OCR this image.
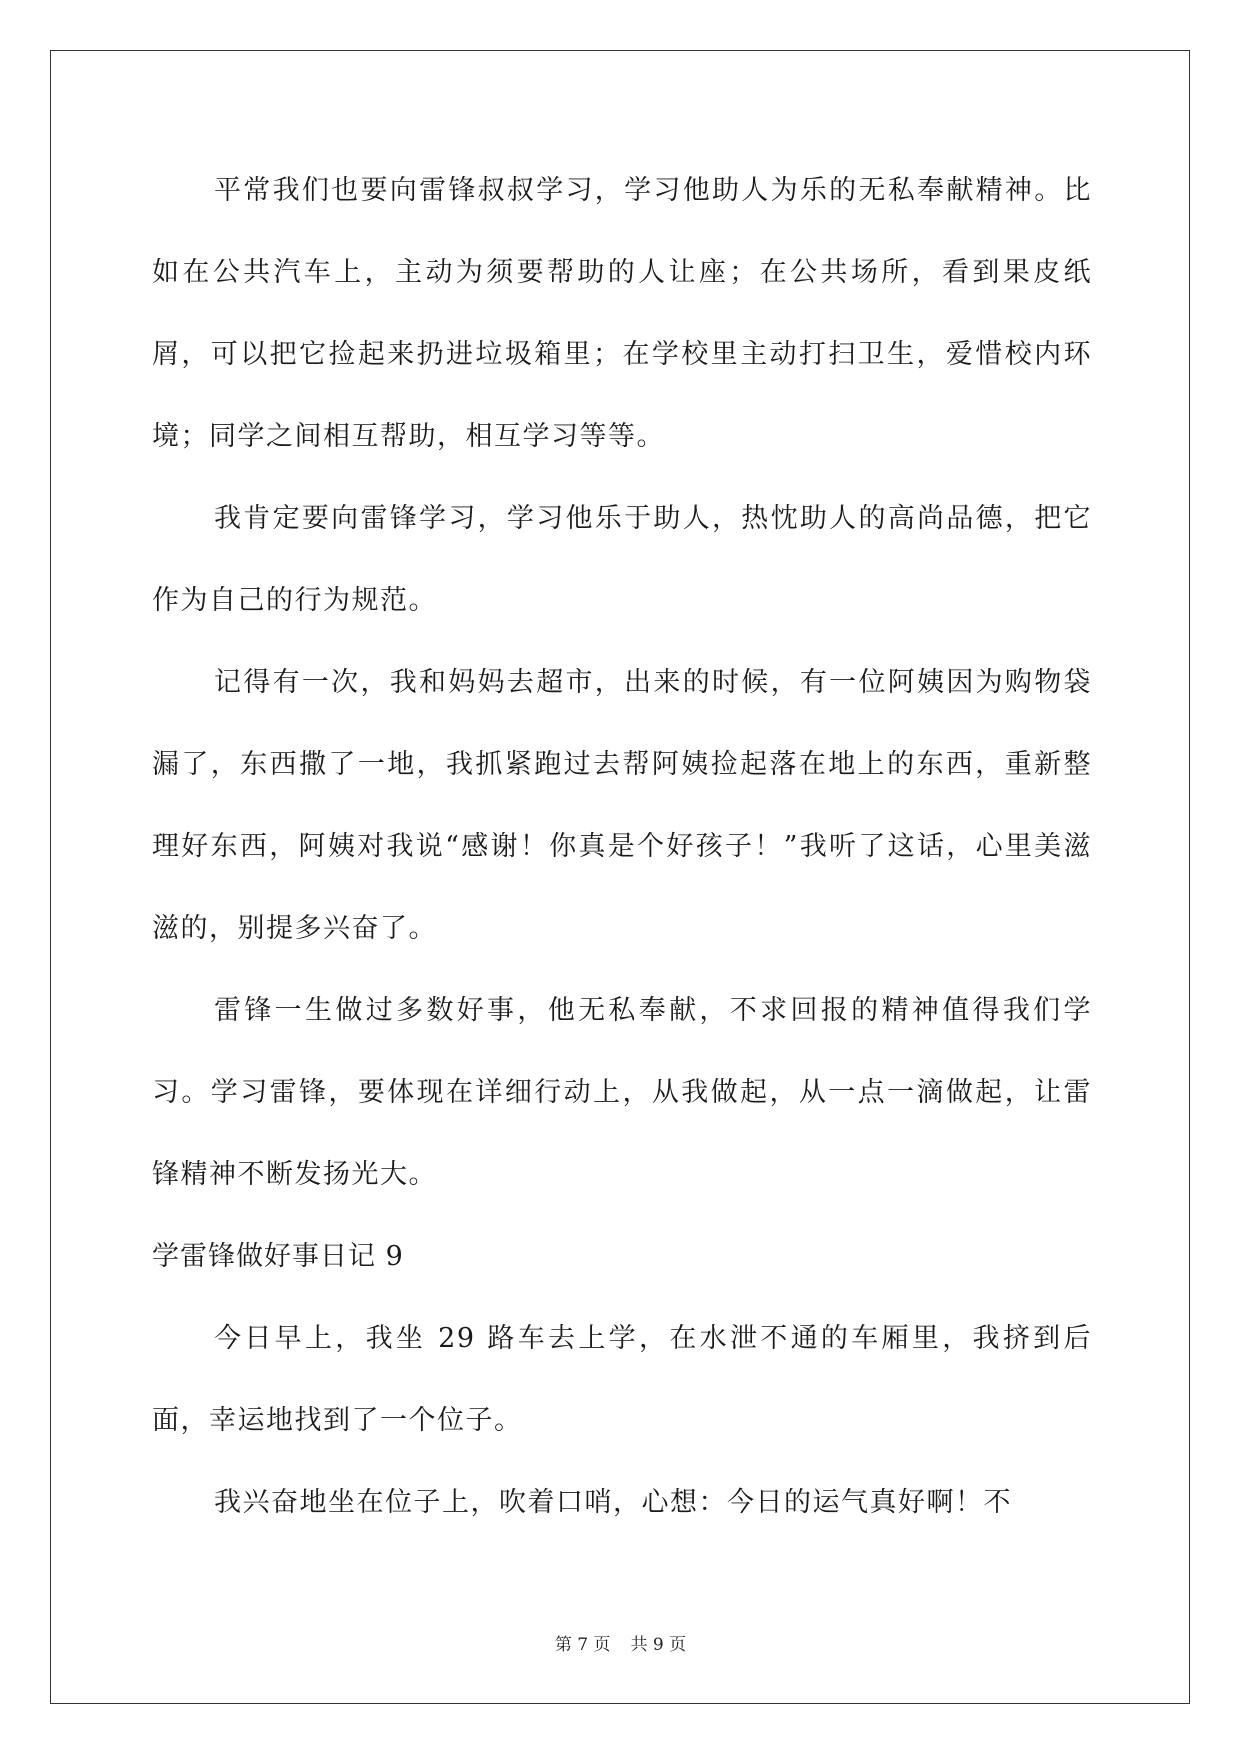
平常我们也要向雷锋叔叔学习，学习他助人为乐的无私奉献精神。比如在公共汽车上，主动为须要帮助的人让座；在公共场所，看到果皮纸屑，可以把它捡起来扔进垃圾箱里；在学校里主动打扫卫生，爱惜校内环境；同学之间相互帮助，相互学习等等。

我肯定要向雷锋学习，学习他乐于助人，热忱助人的高尚品德，把它作为自己的行为规范。

记得有一次，我和妈妈去超市，出来的时候，有一位阿姨因为购物袋漏了，东西撒了一地，我抓紧跑过去帮阿姨捡起落在地上的东西，重新整理好东西，阿姨对我说“感谢！你真是个好孩子！”我听了这话，心里美滋滋的，别提多兴奋了。

雷锋一生做过多数好事，他无私奉献，不求回报的精神值得我们学习。学习雷锋，要体现在详细行动上，从我做起，从一点一滴做起，让雷锋精神不断发扬光大。

学雷锋做好事日记 9

今日早上，我坐 29 路车去上学，在水泄不通的车厢里，我挤到后面，幸运地找到了一个位子。

我兴奋地坐在位子上，吹着口哨，心想：今日的运气真好啊！不

第 7 页 共 9 页
